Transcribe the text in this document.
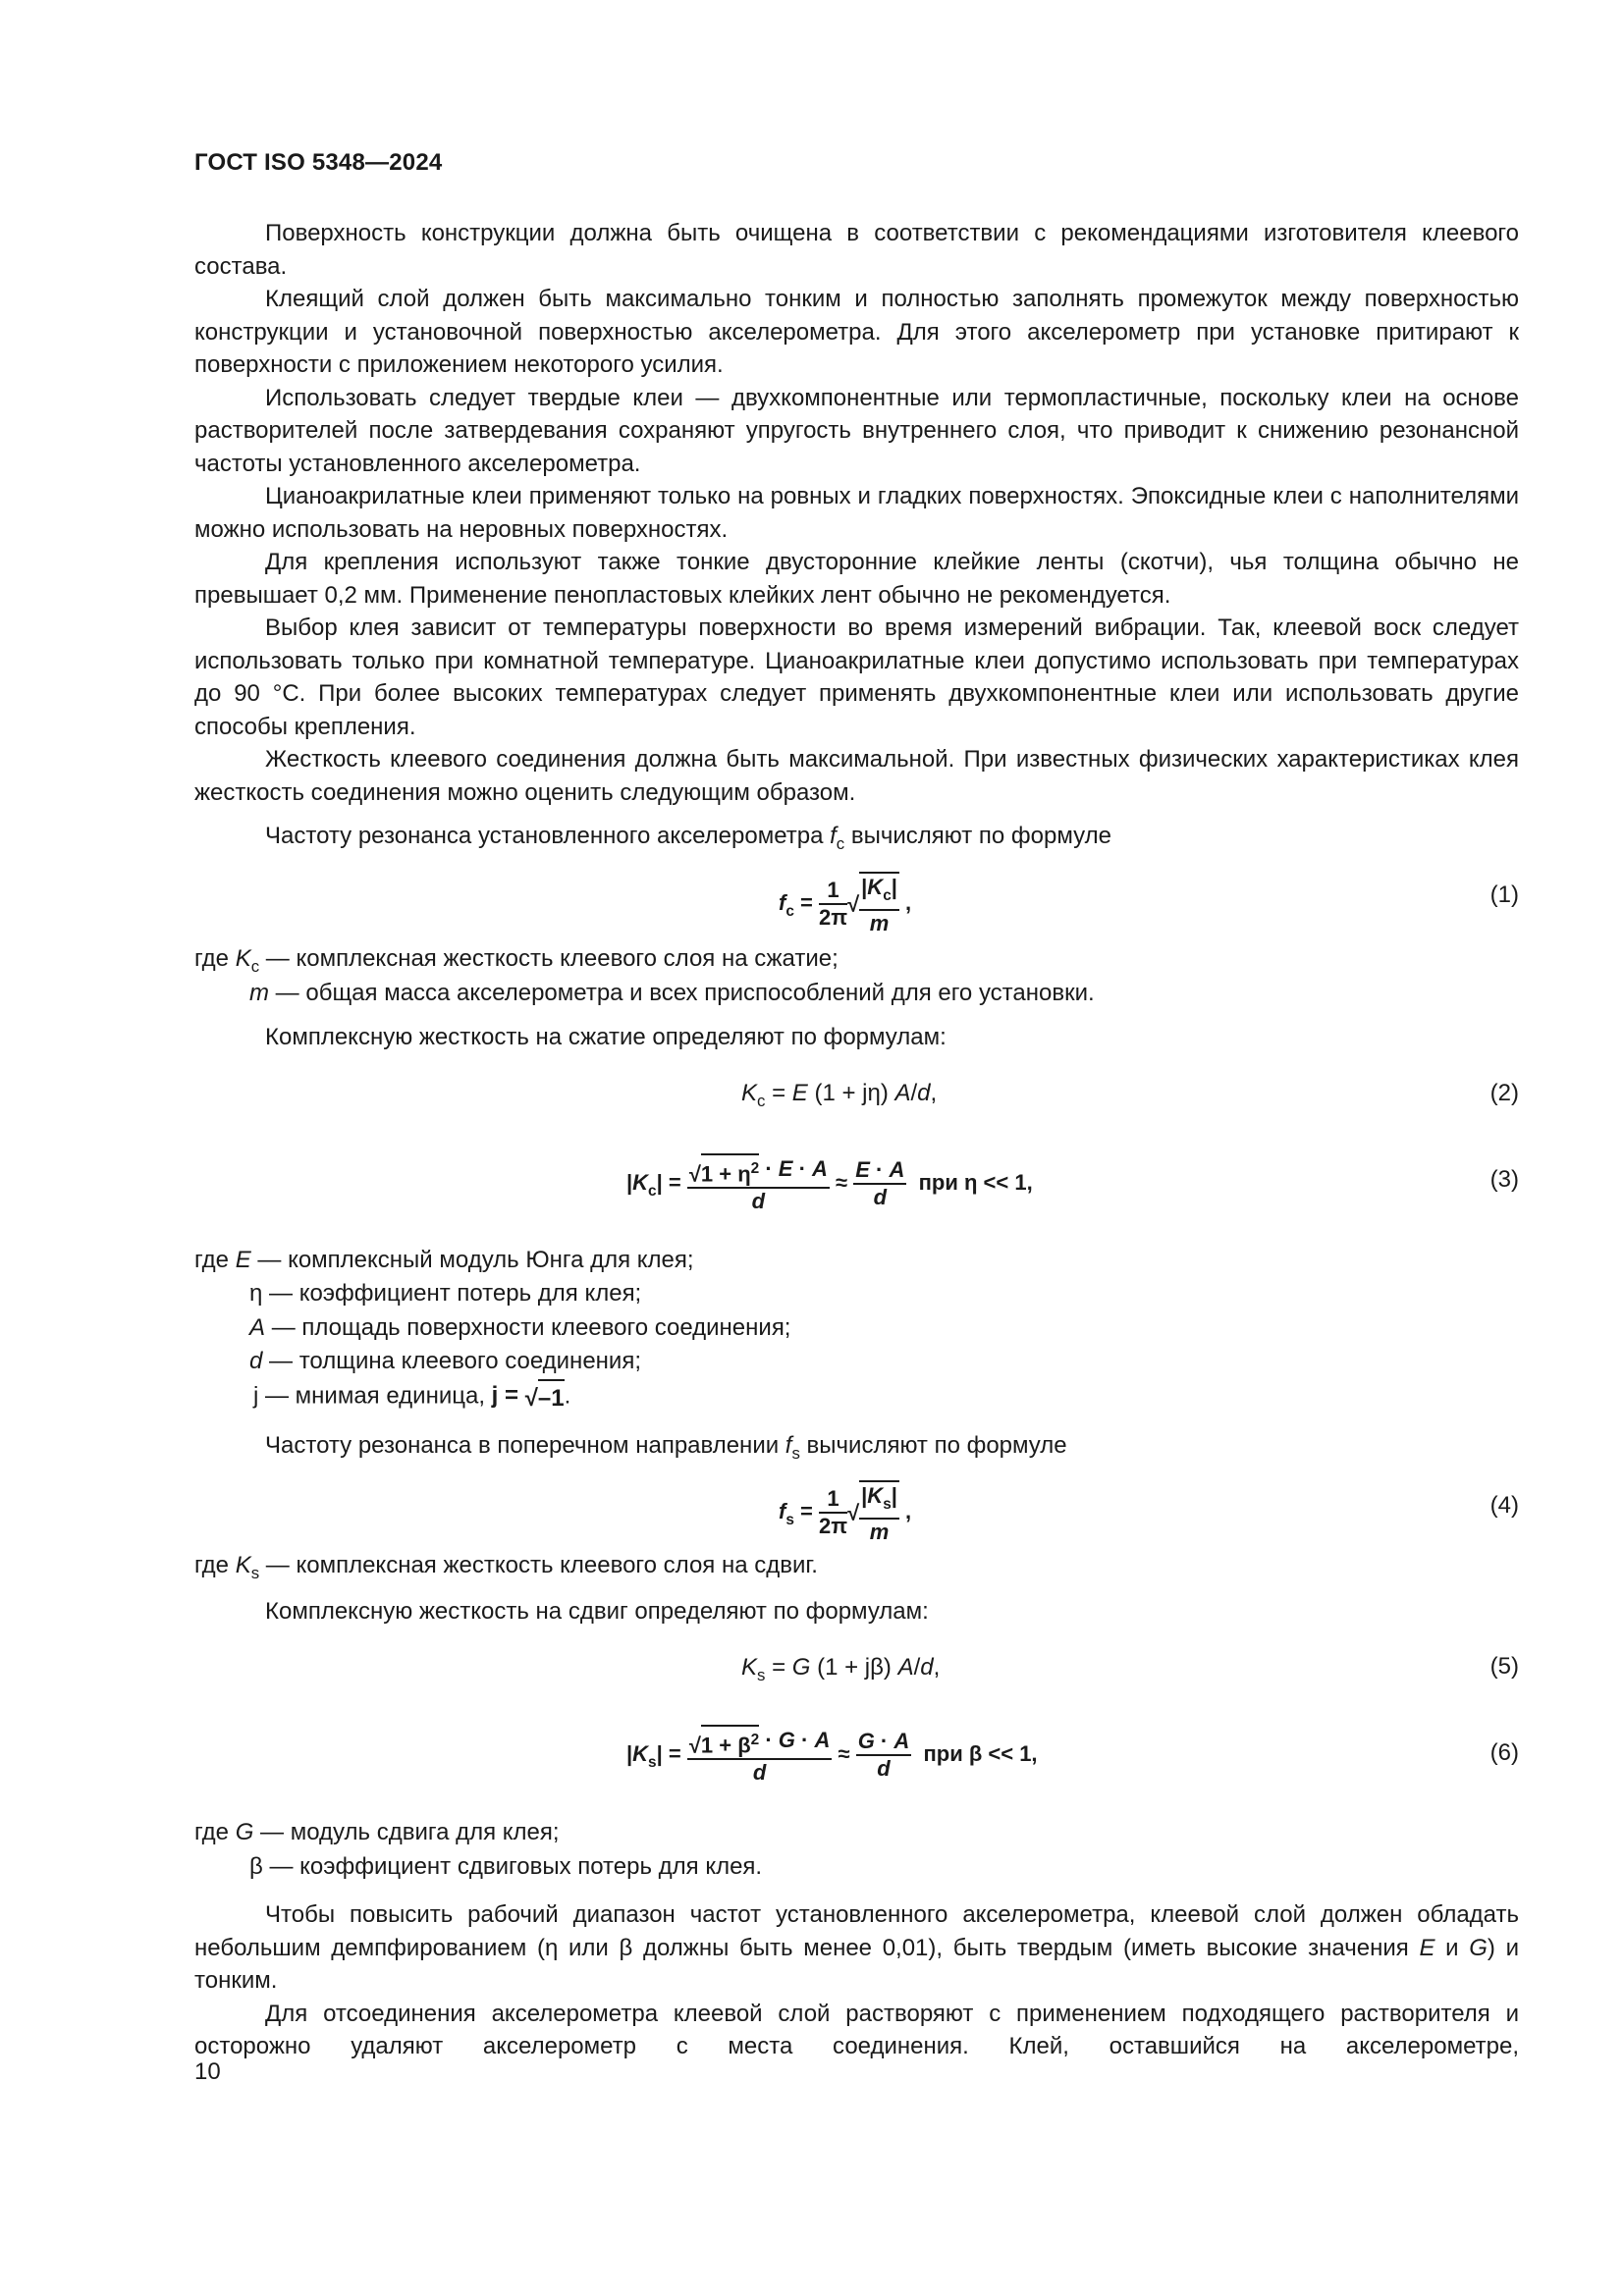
ГОСТ ISO 5348—2024

Поверхность конструкции должна быть очищена в соответствии с рекомендациями изготовителя клеевого состава.

Клеящий слой должен быть максимально тонким и полностью заполнять промежуток между поверхностью конструкции и установочной поверхностью акселерометра. Для этого акселерометр при установке притирают к поверхности с приложением некоторого усилия.

Использовать следует твердые клеи — двухкомпонентные или термопластичные, поскольку клеи на основе растворителей после затвердевания сохраняют упругость внутреннего слоя, что приводит к снижению резонансной частоты установленного акселерометра.

Цианоакрилатные клеи применяют только на ровных и гладких поверхностях. Эпоксидные клеи с наполнителями можно использовать на неровных поверхностях.

Для крепления используют также тонкие двусторонние клейкие ленты (скотчи), чья толщина обычно не превышает 0,2 мм. Применение пенопластовых клейких лент обычно не рекомендуется.

Выбор клея зависит от температуры поверхности во время измерений вибрации. Так, клеевой воск следует использовать только при комнатной температуре. Цианоакрилатные клеи допустимо использовать при температурах до 90 °С. При более высоких температурах следует применять двухкомпонентные клеи или использовать другие способы крепления.

Жесткость клеевого соединения должна быть максимальной. При известных физических характеристиках клея жесткость соединения можно оценить следующим образом.

Частоту резонанса установленного акселерометра $f_c$ вычисляют по формуле
$f_c = \frac{1}{2\pi}$ √ $\frac{|K_c|}{m}$ ,	(1)
где $K_c$ — комплексная жесткость клеевого слоя на сжатие;
m — общая масса акселерометра и всех приспособлений для его установки.
Комплексную жесткость на сжатие определяют по формулам:
$K_c = E$ (1 + jη) A/d,	(2)
$|K_c| = \frac{√1 + \eta^2 \cdot E \cdot A}{d} \approx \frac{E \cdot A}{d}$ при η << 1,	(3)
где E — комплексный модуль Юнга для клея;
η — коэффициент потерь для клея;
A — площадь поверхности клеевого соединения;
d — толщина клеевого соединения;
j — мнимая единица, j = √–1.
Частоту резонанса в поперечном направлении $f_s$ вычисляют по формуле
$f_s = \frac{1}{2\pi}$ √ $\frac{|K_s|}{m}$ ,	(4)
где $K_s$ — комплексная жесткость клеевого слоя на сдвиг.
Комплексную жесткость на сдвиг определяют по формулам:
$K_s = G$ (1 + jβ) A/d,	(5)
$|K_s| = \frac{√1 + \beta^2 \cdot G \cdot A}{d} \approx \frac{G \cdot A}{d}$ при β << 1,	(6)
где G — модуль сдвига для клея;
β — коэффициент сдвиговых потерь для клея.

Чтобы повысить рабочий диапазон частот установленного акселерометра, клеевой слой должен обладать небольшим демпфированием (η или β должны быть менее 0,01), быть твердым (иметь высокие значения E и G) и тонким.

Для отсоединения акселерометра клеевой слой растворяют с применением подходящего растворителя и осторожно удаляют акселерометр с места соединения. Клей, оставшийся на акселерометре,

10
